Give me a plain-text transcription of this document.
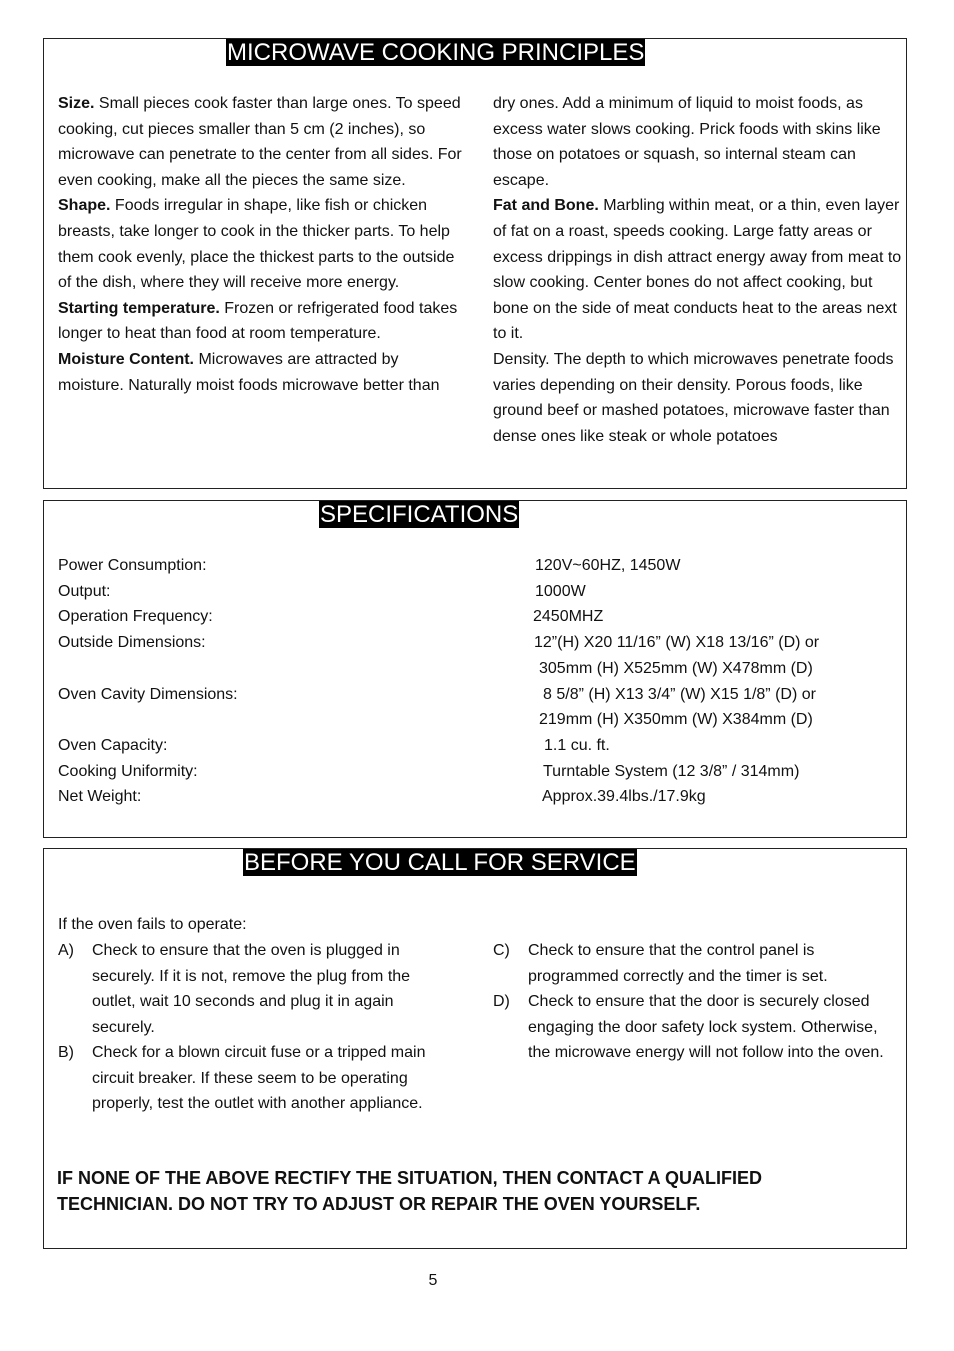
MICROWAVE COOKING PRINCIPLES

Size. Small pieces cook faster than large ones. To speed cooking, cut pieces smaller than 5 cm (2 inches), so microwave can penetrate to the center from all sides. For even cooking, make all the pieces the same size.

Shape. Foods irregular in shape, like fish or chicken breasts, take longer to cook in the thicker parts. To help them cook evenly, place the thickest parts to the outside of the dish, where they will receive more energy.

Starting temperature. Frozen or refrigerated food takes longer to heat than food at room temperature.

Moisture Content. Microwaves are attracted by moisture. Naturally moist foods microwave better than

dry ones. Add a minimum of liquid to moist foods, as excess water slows cooking. Prick foods with skins like those on potatoes or squash, so internal steam can escape.

Fat and Bone. Marbling within meat, or a thin, even layer of fat on a roast, speeds cooking. Large fatty areas or excess drippings in dish attract energy away from meat to slow cooking. Center bones do not affect cooking, but bone on the side of meat conducts heat to the areas next to it.

Density. The depth to which microwaves penetrate foods varies depending on their density. Porous foods, like ground beef or mashed potatoes, microwave faster than dense ones like steak or whole potatoes

SPECIFICATIONS
Power Consumption:	120V~60HZ, 1450W
Output:	1000W
Operation Frequency:	2450MHZ
Outside Dimensions:	12”(H) X20 11/16” (W) X18 13/16” (D) or
305mm (H) X525mm (W) X478mm (D)
Oven Cavity Dimensions:	8 5/8” (H) X13 3/4” (W) X15 1/8” (D) or
219mm (H) X350mm (W) X384mm (D)
Oven Capacity:	1.1 cu. ft.
Cooking Uniformity:	Turntable System (12 3/8” / 314mm)
Net Weight:	Approx.39.4lbs./17.9kg
BEFORE YOU CALL FOR SERVICE
If the oven fails to operate:
A) Check to ensure that the oven is plugged in securely. If it is not, remove the plug from the outlet, wait 10 seconds and plug it in again securely.
B) Check for a blown circuit fuse or a tripped main circuit breaker. If these seem to be operating properly, test the outlet with another appliance.
C) Check to ensure that the control panel is programmed correctly and the timer is set.
D) Check to ensure that the door is securely closed engaging the door safety lock system. Otherwise, the microwave energy will not follow into the oven.
IF NONE OF THE ABOVE RECTIFY THE SITUATION, THEN CONTACT A QUALIFIED TECHNICIAN. DO NOT TRY TO ADJUST OR REPAIR THE OVEN YOURSELF.
5
